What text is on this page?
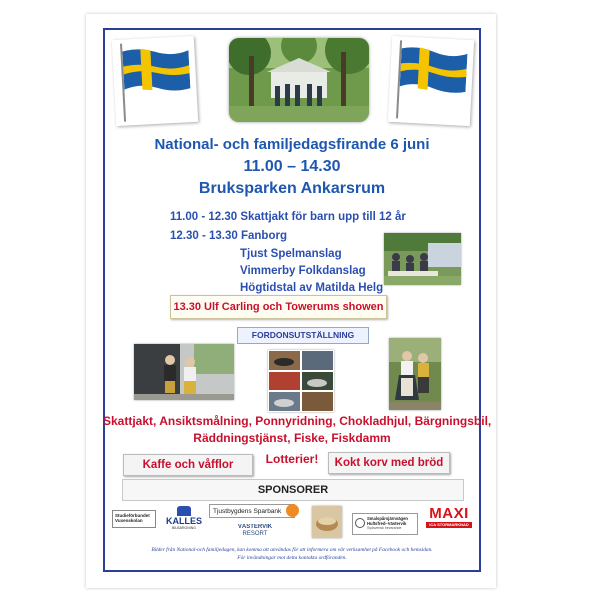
National- och familjedagsfirande 6 juni
11.00 – 14.30
Bruksparken Ankarsrum
11.00 - 12.30 Skattjakt för barn upp till 12 år
12.30 - 13.30 Fanborg
Tjust Spelmanslag
Vimmerby Folkdanslag
Högtidstal av Matilda Helg
13.30 Ulf Carling och Towerums showen
FORDONSUTSTÄLLNING
Skattjakt, Ansiktsmålning, Ponnyridning, Chokladhjul, Bärgningsbil,
Räddningstjänst, Fiske, Fiskdamm
Lotterier!
Kaffe och våfflor	Kokt korv med bröd
SPONSORER
Studieförbundet Vuxenskolan	KALLES
BILBÄRGNING
Tjustbygdens Sparbank
VÄSTERVIK
RESORT
Smalspårsjärnvägen Hultsfred–Västervik
Sydsvensk bevarande
MAXI
ICA STORMARKNAD
Bilder från National-och familjedagen, kan komma att användas för att informera om vår verksamhet på Facebook och hemsidan.
För invändningar mot detta kontakta ordföranden.
